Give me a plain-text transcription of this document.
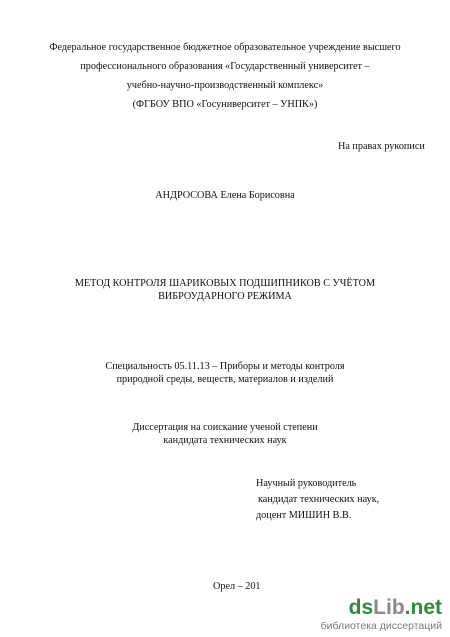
Федеральное государственное бюджетное образовательное учреждение высшего
профессионального образования «Государственный университет –
учебно-научно-производственный комплекс»
(ФГБОУ ВПО «Госуниверситет – УНПК»)
На правах рукописи
АНДРОСОВА Елена Борисовна
МЕТОД КОНТРОЛЯ ШАРИКОВЫХ ПОДШИПНИКОВ С УЧЁТОМ
ВИБРОУДАРНОГО РЕЖИМА
Специальность 05.11.13 – Приборы и методы контроля
природной среды, веществ, материалов и изделий
Диссертация на соискание ученой степени
кандидата технических наук
Научный руководитель
кандидат технических наук,
доцент МИШИН В.В.
Орел – 201
dsLib.net
библиотека диссертаций
